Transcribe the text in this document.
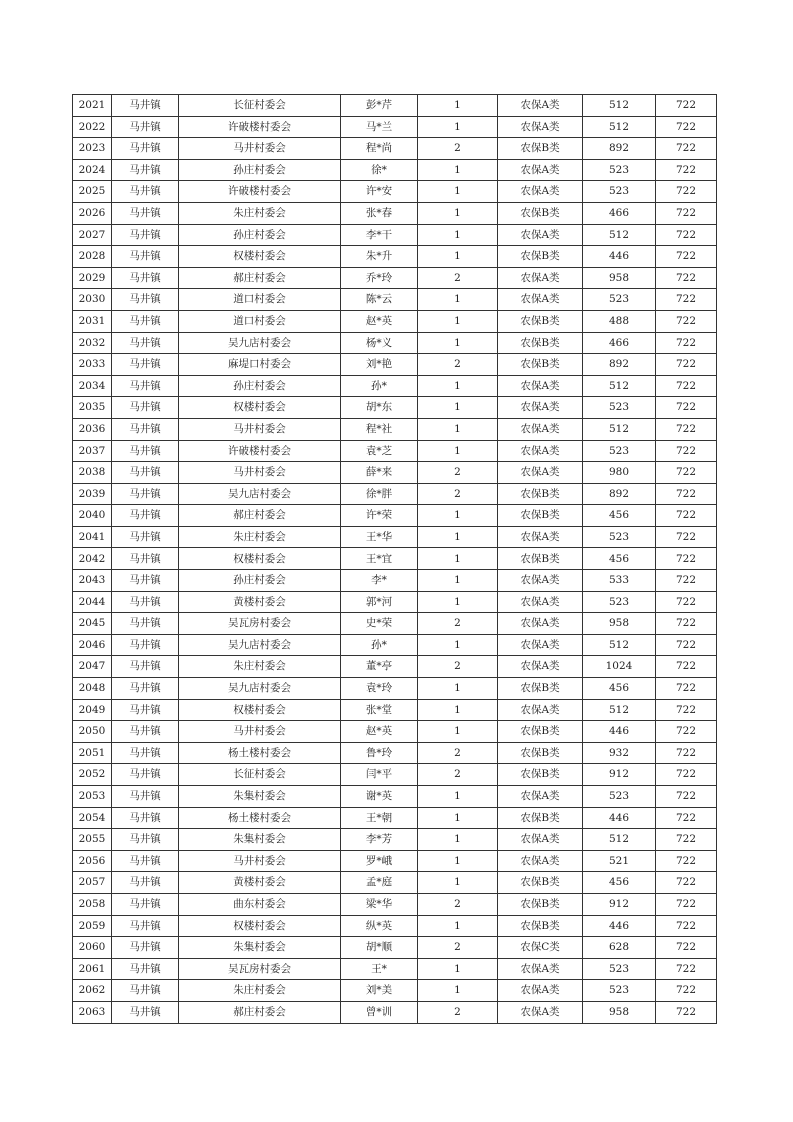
2021	马井镇	长征村委会	彭*芹	1	农保A类	512	722
2022	马井镇	许破楼村委会	马*兰	1	农保A类	512	722
2023	马井镇	马井村委会	程*尚	2	农保B类	892	722
2024	马井镇	孙庄村委会	徐*	1	农保A类	523	722
2025	马井镇	许破楼村委会	许*安	1	农保A类	523	722
2026	马井镇	朱庄村委会	张*春	1	农保B类	466	722
2027	马井镇	孙庄村委会	李*干	1	农保A类	512	722
2028	马井镇	权楼村委会	朱*升	1	农保B类	446	722
2029	马井镇	郝庄村委会	乔*玲	2	农保A类	958	722
2030	马井镇	道口村委会	陈*云	1	农保A类	523	722
2031	马井镇	道口村委会	赵*英	1	农保B类	488	722
2032	马井镇	吴九店村委会	杨*义	1	农保B类	466	722
2033	马井镇	麻堤口村委会	刘*艳	2	农保B类	892	722
2034	马井镇	孙庄村委会	孙*	1	农保A类	512	722
2035	马井镇	权楼村委会	胡*东	1	农保A类	523	722
2036	马井镇	马井村委会	程*社	1	农保A类	512	722
2037	马井镇	许破楼村委会	袁*芝	1	农保A类	523	722
2038	马井镇	马井村委会	薛*来	2	农保A类	980	722
2039	马井镇	吴九店村委会	徐*胖	2	农保B类	892	722
2040	马井镇	郝庄村委会	许*荣	1	农保B类	456	722
2041	马井镇	朱庄村委会	王*华	1	农保A类	523	722
2042	马井镇	权楼村委会	王*宜	1	农保B类	456	722
2043	马井镇	孙庄村委会	李*	1	农保A类	533	722
2044	马井镇	黄楼村委会	郭*河	1	农保A类	523	722
2045	马井镇	吴瓦房村委会	史*荣	2	农保A类	958	722
2046	马井镇	吴九店村委会	孙*	1	农保A类	512	722
2047	马井镇	朱庄村委会	董*亭	2	农保A类	1024	722
2048	马井镇	吴九店村委会	袁*玲	1	农保B类	456	722
2049	马井镇	权楼村委会	张*堂	1	农保A类	512	722
2050	马井镇	马井村委会	赵*英	1	农保B类	446	722
2051	马井镇	杨土楼村委会	鲁*玲	2	农保B类	932	722
2052	马井镇	长征村委会	闫*平	2	农保B类	912	722
2053	马井镇	朱集村委会	谢*英	1	农保A类	523	722
2054	马井镇	杨土楼村委会	王*朝	1	农保B类	446	722
2055	马井镇	朱集村委会	李*芳	1	农保A类	512	722
2056	马井镇	马井村委会	罗*峨	1	农保A类	521	722
2057	马井镇	黄楼村委会	孟*庭	1	农保B类	456	722
2058	马井镇	曲东村委会	梁*华	2	农保B类	912	722
2059	马井镇	权楼村委会	纵*英	1	农保B类	446	722
2060	马井镇	朱集村委会	胡*顺	2	农保C类	628	722
2061	马井镇	吴瓦房村委会	王*	1	农保A类	523	722
2062	马井镇	朱庄村委会	刘*美	1	农保A类	523	722
2063	马井镇	郝庄村委会	曾*训	2	农保A类	958	722
